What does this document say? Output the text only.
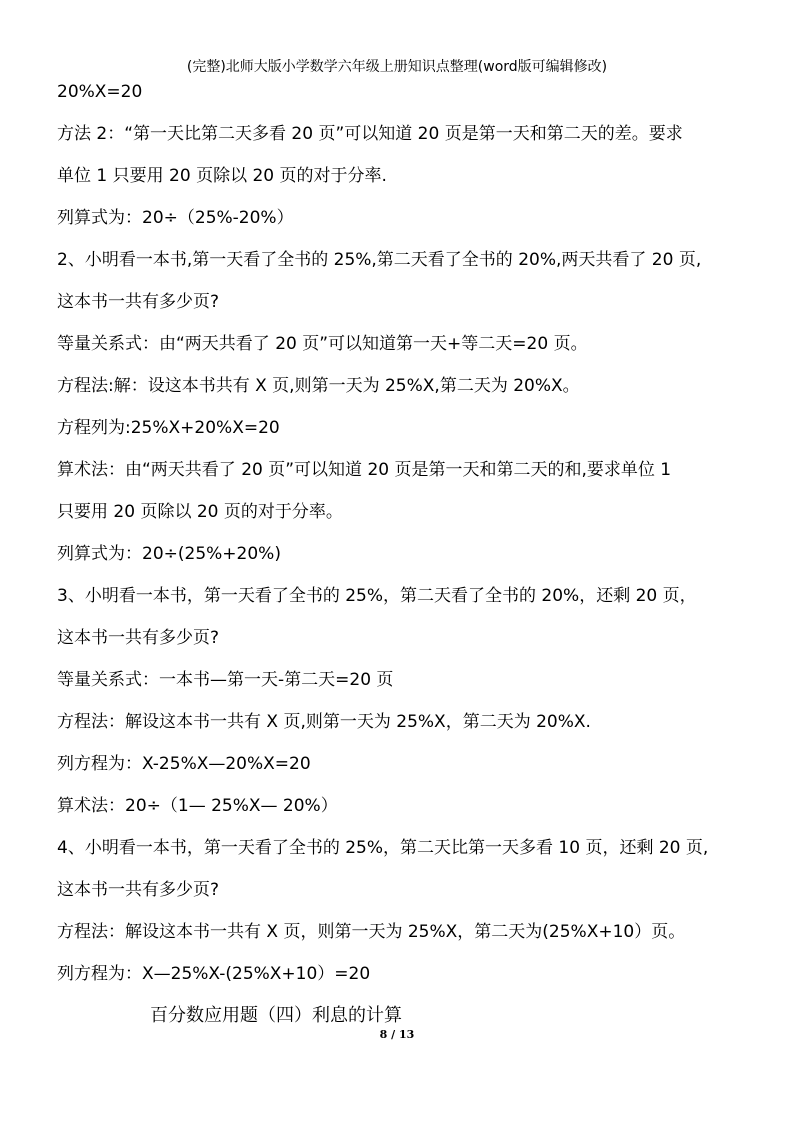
(完整)北师大版小学数学六年级上册知识点整理(word版可编辑修改)
20%X=20
方法 2：“第一天比第二天多看 20 页”可以知道 20 页是第一天和第二天的差。要求
单位 1 只要用 20 页除以 20 页的对于分率.
列算式为：20÷（25%-20%）
2、小明看一本书,第一天看了全书的 25%,第二天看了全书的 20%,两天共看了 20 页,
这本书一共有多少页?
等量关系式：由“两天共看了 20 页”可以知道第一天+等二天=20 页。
方程法:解：设这本书共有 X 页,则第一天为 25%X,第二天为 20%X。
方程列为:25%X+20%X=20
算术法：由“两天共看了 20 页”可以知道 20 页是第一天和第二天的和,要求单位 1
只要用 20 页除以 20 页的对于分率。
列算式为：20÷(25%+20%)
3、小明看一本书，第一天看了全书的 25%，第二天看了全书的 20%，还剩 20 页，
这本书一共有多少页?
等量关系式：一本书—第一天-第二天=20 页
方程法：解设这本书一共有 X 页,则第一天为 25%X，第二天为 20%X.
列方程为：X-25%X—20%X=20
算术法：20÷（1— 25%X— 20%）
4、小明看一本书，第一天看了全书的 25%，第二天比第一天多看 10 页，还剩 20 页,
这本书一共有多少页?
方程法：解设这本书一共有 X 页，则第一天为 25%X，第二天为(25%X+10）页。
列方程为：X—25%X-(25%X+10）=20
百分数应用题（四）利息的计算
8 / 13
